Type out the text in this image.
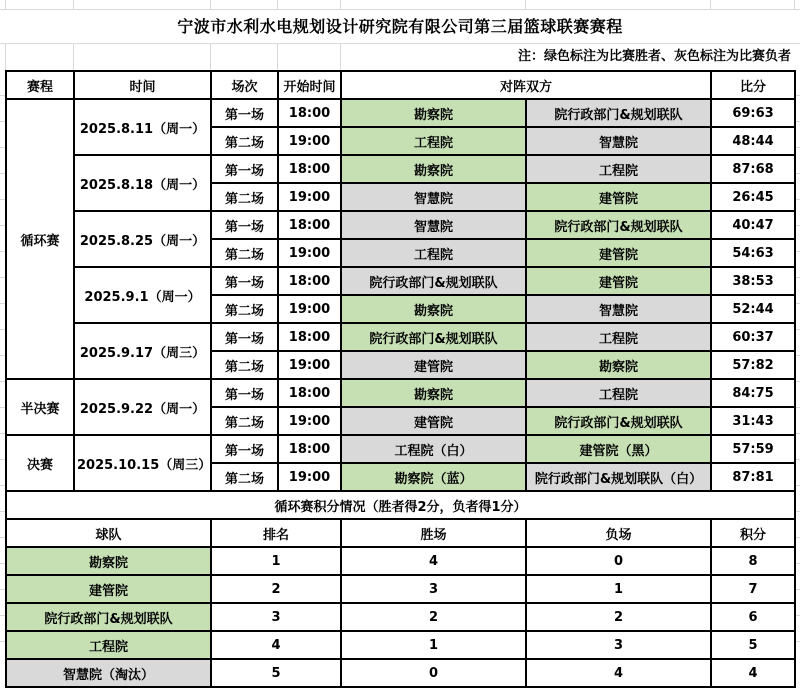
宁波市水利水电规划设计研究院有限公司第三届篮球联赛赛程
注：绿色标注为比赛胜者、灰色标注为比赛负者
赛程	时间	场次	开始时间	对阵双方		比分
循环赛	2025.8.11（周一）	第一场	18:00	勘察院	院行政部门&规划联队	69:63
		第二场	19:00	工程院	智慧院	48:44
	2025.8.18（周一）	第一场	18:00	勘察院	工程院	87:68
		第二场	19:00	智慧院	建管院	26:45
	2025.8.25（周一）	第一场	18:00	智慧院	院行政部门&规划联队	40:47
		第二场	19:00	工程院	建管院	54:63
	2025.9.1（周一）	第一场	18:00	院行政部门&规划联队	建管院	38:53
		第二场	19:00	勘察院	智慧院	52:44
	2025.9.17（周三）	第一场	18:00	院行政部门&规划联队	工程院	60:37
		第二场	19:00	建管院	勘察院	57:82
半决赛	2025.9.22（周一）	第一场	18:00	勘察院	工程院	84:75
		第二场	19:00	建管院	院行政部门&规划联队	31:43
决赛	2025.10.15（周三）	第一场	18:00	工程院（白）	建管院（黑）	57:59
		第二场	19:00	勘察院（蓝）	院行政部门&规划联队（白）	87:81
循环赛积分情况（胜者得2分，负者得1分）						
球队		排名		胜场	负场	积分
勘察院		1		4	0	8
建管院		2		3	1	7
院行政部门&规划联队		3		2	2	6
工程院		4		1	3	5
智慧院（淘汰）		5		0	4	4
